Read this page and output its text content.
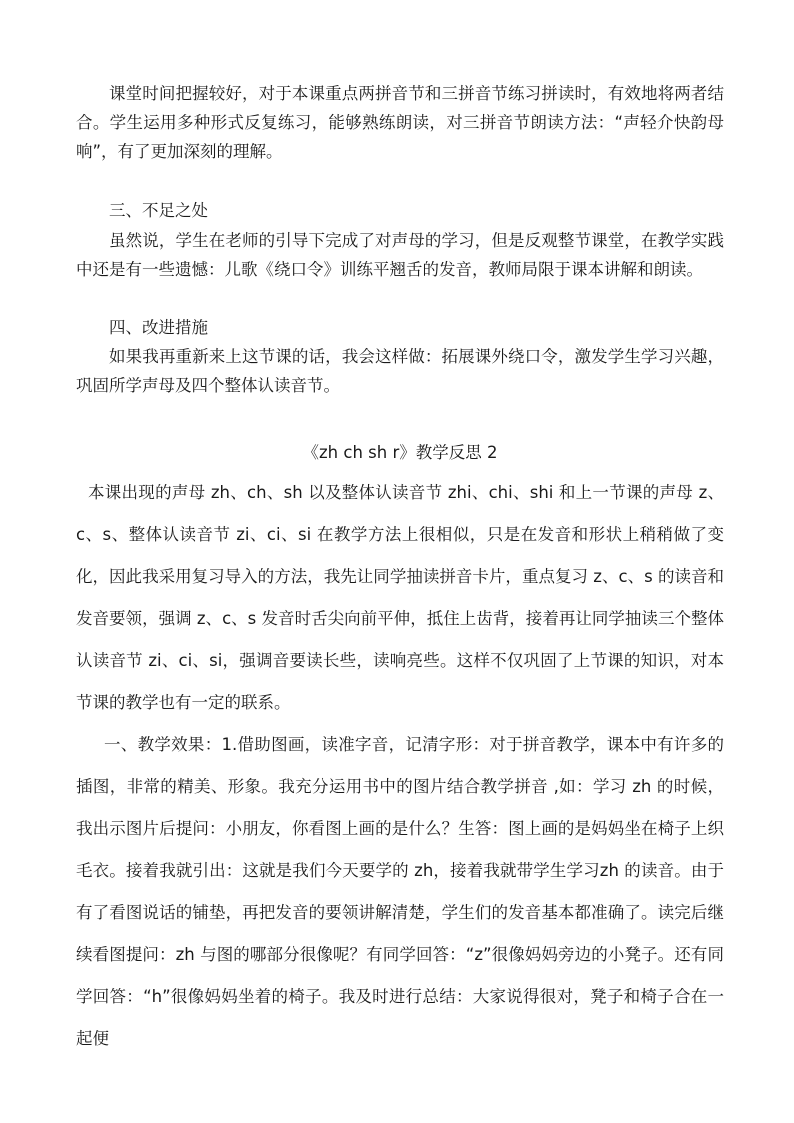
课堂时间把握较好，对于本课重点两拼音节和三拼音节练习拼读时，有效地将两者结合。学生运用多种形式反复练习，能够熟练朗读，对三拼音节朗读方法：“声轻介快韵母响”，有了更加深刻的理解。

三、不足之处

虽然说，学生在老师的引导下完成了对声母的学习，但是反观整节课堂，在教学实践中还是有一些遗憾：儿歌《绕口令》训练平翘舌的发音，教师局限于课本讲解和朗读。

四、改进措施

如果我再重新来上这节课的话，我会这样做：拓展课外绕口令，激发学生学习兴趣，巩固所学声母及四个整体认读音节。

《zh ch sh r》教学反思 2

本课出现的声母 zh、ch、sh 以及整体认读音节 zhi、chi、shi 和上一节课的声母 z、c、s、整体认读音节 zi、ci、si 在教学方法上很相似，只是在发音和形状上稍稍做了变化，因此我采用复习导入的方法，我先让同学抽读拼音卡片，重点复习 z、c、s 的读音和发音要领，强调 z、c、s 发音时舌尖向前平伸，抵住上齿背，接着再让同学抽读三个整体认读音节 zi、ci、si，强调音要读长些，读响亮些。这样不仅巩固了上节课的知识，对本节课的教学也有一定的联系。

一、教学效果：1.借助图画，读准字音，记清字形：对于拼音教学，课本中有许多的插图，非常的精美、形象。我充分运用书中的图片结合教学拼音 ,如：学习 zh 的时候，我出示图片后提问：小朋友，你看图上画的是什么？生答：图上画的是妈妈坐在椅子上织毛衣。接着我就引出：这就是我们今天要学的 zh，接着我就带学生学习zh 的读音。由于有了看图说话的铺垫，再把发音的要领讲解清楚，学生们的发音基本都准确了。读完后继续看图提问：zh 与图的哪部分很像呢？有同学回答：“z”很像妈妈旁边的小凳子。还有同学回答：“h”很像妈妈坐着的椅子。我及时进行总结：大家说得很对，凳子和椅子合在一起便
